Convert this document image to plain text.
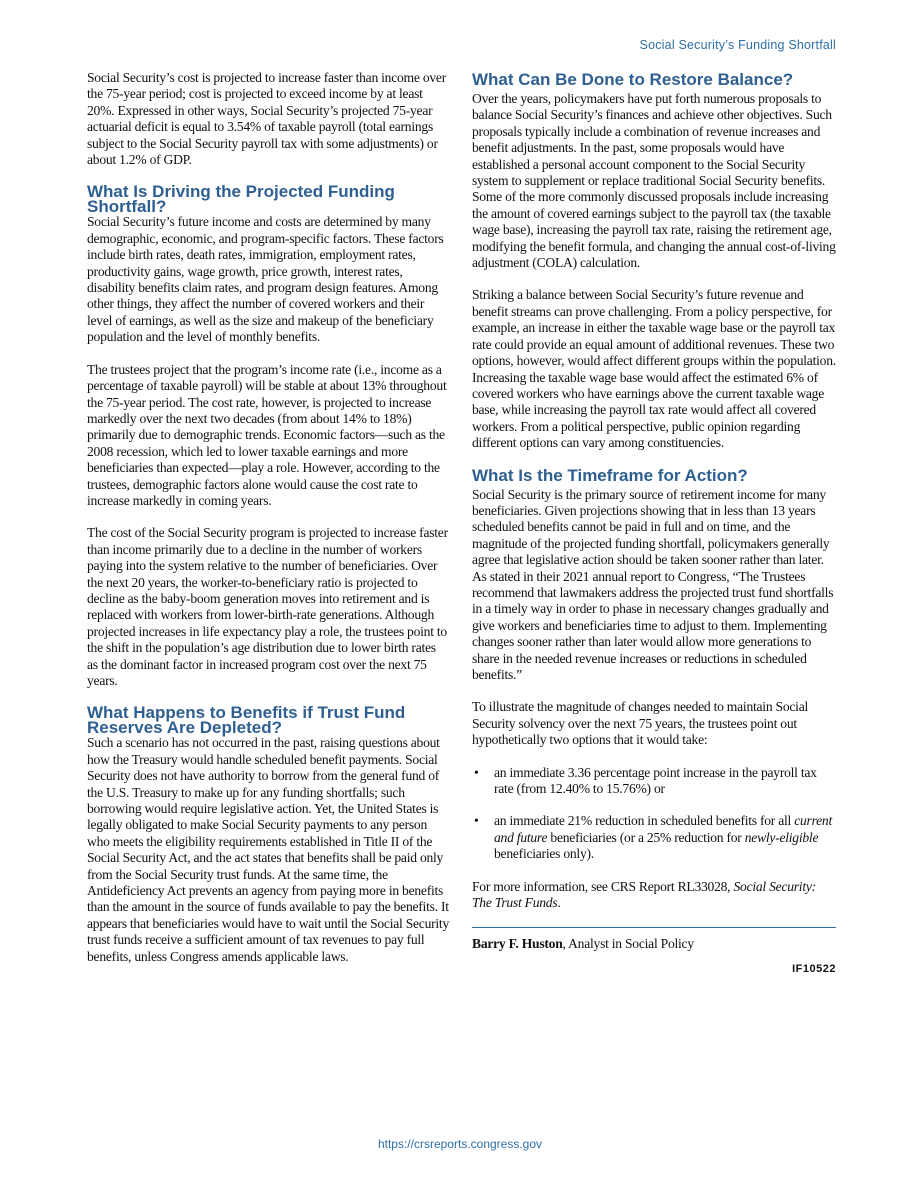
Social Security’s Funding Shortfall

Social Security’s cost is projected to increase faster than income over the 75-year period; cost is projected to exceed income by at least 20%. Expressed in other ways, Social Security’s projected 75-year actuarial deficit is equal to 3.54% of taxable payroll (total earnings subject to the Social Security payroll tax with some adjustments) or about 1.2% of GDP.

What Is Driving the Projected Funding Shortfall?

Social Security’s future income and costs are determined by many demographic, economic, and program-specific factors. These factors include birth rates, death rates, immigration, employment rates, productivity gains, wage growth, price growth, interest rates, disability benefits claim rates, and program design features. Among other things, they affect the number of covered workers and their level of earnings, as well as the size and makeup of the beneficiary population and the level of monthly benefits.

The trustees project that the program’s income rate (i.e., income as a percentage of taxable payroll) will be stable at about 13% throughout the 75-year period. The cost rate, however, is projected to increase markedly over the next two decades (from about 14% to 18%) primarily due to demographic trends. Economic factors—such as the 2008 recession, which led to lower taxable earnings and more beneficiaries than expected—play a role. However, according to the trustees, demographic factors alone would cause the cost rate to increase markedly in coming years.

The cost of the Social Security program is projected to increase faster than income primarily due to a decline in the number of workers paying into the system relative to the number of beneficiaries. Over the next 20 years, the worker-to-beneficiary ratio is projected to decline as the baby-boom generation moves into retirement and is replaced with workers from lower-birth-rate generations. Although projected increases in life expectancy play a role, the trustees point to the shift in the population’s age distribution due to lower birth rates as the dominant factor in increased program cost over the next 75 years.

What Happens to Benefits if Trust Fund Reserves Are Depleted?

Such a scenario has not occurred in the past, raising questions about how the Treasury would handle scheduled benefit payments. Social Security does not have authority to borrow from the general fund of the U.S. Treasury to make up for any funding shortfalls; such borrowing would require legislative action. Yet, the United States is legally obligated to make Social Security payments to any person who meets the eligibility requirements established in Title II of the Social Security Act, and the act states that benefits shall be paid only from the Social Security trust funds. At the same time, the Antideficiency Act prevents an agency from paying more in benefits than the amount in the source of funds available to pay the benefits. It appears that beneficiaries would have to wait until the Social Security trust funds receive a sufficient amount of tax revenues to pay full benefits, unless Congress amends applicable laws.

What Can Be Done to Restore Balance?

Over the years, policymakers have put forth numerous proposals to balance Social Security’s finances and achieve other objectives. Such proposals typically include a combination of revenue increases and benefit adjustments. In the past, some proposals would have established a personal account component to the Social Security system to supplement or replace traditional Social Security benefits. Some of the more commonly discussed proposals include increasing the amount of covered earnings subject to the payroll tax (the taxable wage base), increasing the payroll tax rate, raising the retirement age, modifying the benefit formula, and changing the annual cost-of-living adjustment (COLA) calculation.

Striking a balance between Social Security’s future revenue and benefit streams can prove challenging. From a policy perspective, for example, an increase in either the taxable wage base or the payroll tax rate could provide an equal amount of additional revenues. These two options, however, would affect different groups within the population. Increasing the taxable wage base would affect the estimated 6% of covered workers who have earnings above the current taxable wage base, while increasing the payroll tax rate would affect all covered workers. From a political perspective, public opinion regarding different options can vary among constituencies.

What Is the Timeframe for Action?

Social Security is the primary source of retirement income for many beneficiaries. Given projections showing that in less than 13 years scheduled benefits cannot be paid in full and on time, and the magnitude of the projected funding shortfall, policymakers generally agree that legislative action should be taken sooner rather than later. As stated in their 2021 annual report to Congress, “The Trustees recommend that lawmakers address the projected trust fund shortfalls in a timely way in order to phase in necessary changes gradually and give workers and beneficiaries time to adjust to them. Implementing changes sooner rather than later would allow more generations to share in the needed revenue increases or reductions in scheduled benefits.”

To illustrate the magnitude of changes needed to maintain Social Security solvency over the next 75 years, the trustees point out hypothetically two options that it would take:

• an immediate 3.36 percentage point increase in the payroll tax rate (from 12.40% to 15.76%) or
• an immediate 21% reduction in scheduled benefits for all current and future beneficiaries (or a 25% reduction for newly-eligible beneficiaries only).

For more information, see CRS Report RL33028, Social Security: The Trust Funds.

Barry F. Huston, Analyst in Social Policy

IF10522
https://crsreports.congress.gov
